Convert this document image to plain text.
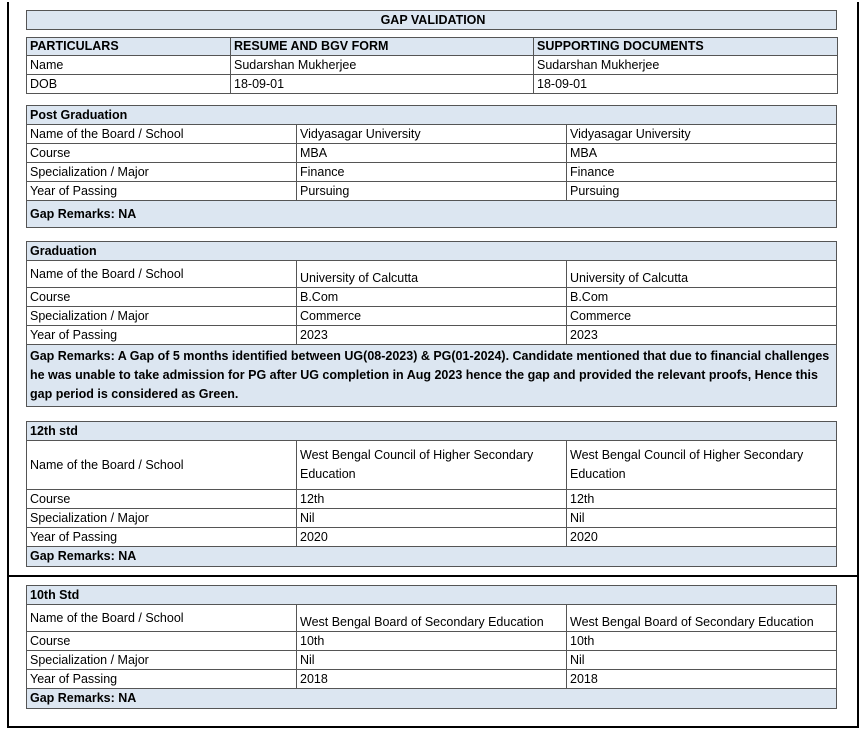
GAP VALIDATION
PARTICULARS	RESUME AND BGV FORM	SUPPORTING DOCUMENTS
Name	Sudarshan Mukherjee	Sudarshan Mukherjee
DOB	18-09-01	18-09-01
Post Graduation		
Name of the Board / School	Vidyasagar University	Vidyasagar University
Course	MBA	MBA
Specialization / Major	Finance	Finance
Year of Passing	Pursuing	Pursuing
Gap Remarks: NA		
Graduation		
Name of the Board / School	University of Calcutta	University of Calcutta
Course	B.Com	B.Com
Specialization / Major	Commerce	Commerce
Year of Passing	2023	2023
Gap Remarks: A Gap of 5 months identified between UG(08-2023) & PG(01-2024). Candidate mentioned that due to financial challenges he was unable to take admission for PG after UG completion in Aug 2023 hence the gap and provided the relevant proofs, Hence this gap period is considered as Green.		
12th std		
Name of the Board / School	West Bengal Council of Higher Secondary Education	West Bengal Council of Higher Secondary Education
Course	12th	12th
Specialization / Major	Nil	Nil
Year of Passing	2020	2020
Gap Remarks: NA		
10th Std		
Name of the Board / School	West Bengal Board of Secondary Education	West Bengal Board of Secondary Education
Course	10th	10th
Specialization / Major	Nil	Nil
Year of Passing	2018	2018
Gap Remarks: NA		
